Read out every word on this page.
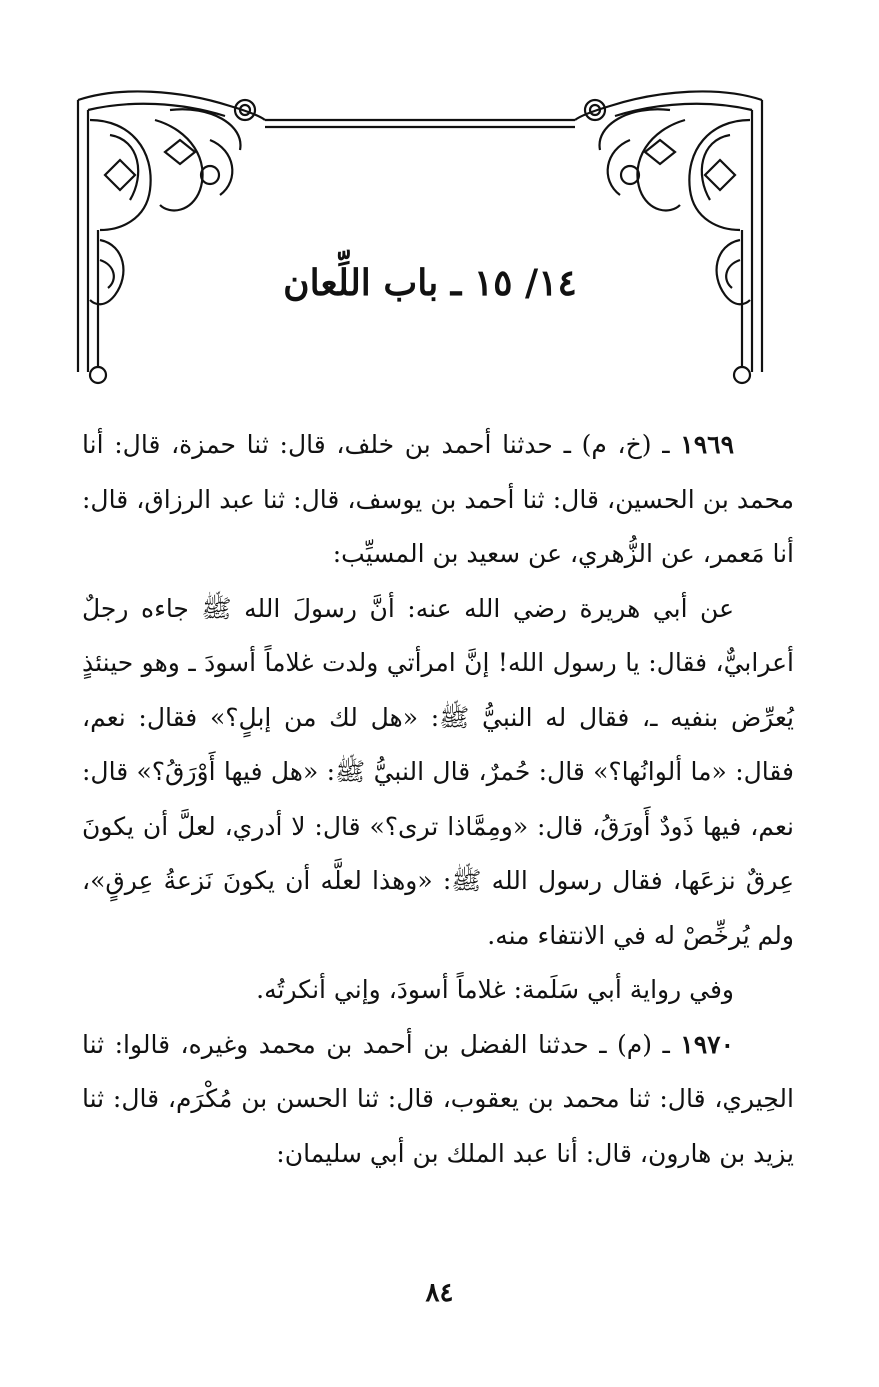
١٤/ ١٥ ـ باب اللِّعان

١٩٦٩ ـ (خ، م) ـ حدثنا أحمد بن خلف، قال: ثنا حمزة، قال: أنا محمد بن الحسين، قال: ثنا أحمد بن يوسف، قال: ثنا عبد الرزاق، قال: أنا مَعمر، عن الزُّهري، عن سعيد بن المسيِّب:

عن أبي هريرة رضي الله عنه: أنَّ رسولَ الله ﷺ جاءه رجلٌ أعرابيٌّ، فقال: يا رسول الله! إنَّ امرأتي ولدت غلاماً أسودَ ـ وهو حينئذٍ يُعرِّض بنفيه ـ، فقال له النبيُّ ﷺ: «هل لك من إبلٍ؟» فقال: نعم، فقال: «ما ألوانُها؟» قال: حُمرٌ، قال النبيُّ ﷺ: «هل فيها أَوْرَقُ؟» قال: نعم، فيها ذَودٌ أَورَقُ، قال: «ومِمَّاذا ترى؟» قال: لا أدري، لعلَّ أن يكونَ عِرقٌ نزعَها، فقال رسول الله ﷺ: «وهذا لعلَّه أن يكونَ نَزعةُ عِرقٍ»، ولم يُرخِّصْ له في الانتفاء منه.

وفي رواية أبي سَلَمة: غلاماً أسودَ، وإني أنكرتُه.

١٩٧٠ ـ (م) ـ حدثنا الفضل بن أحمد بن محمد وغيره، قالوا: ثنا الحِيري، قال: ثنا محمد بن يعقوب، قال: ثنا الحسن بن مُكْرَم، قال: ثنا يزيد بن هارون، قال: أنا عبد الملك بن أبي سليمان:

٨٤
